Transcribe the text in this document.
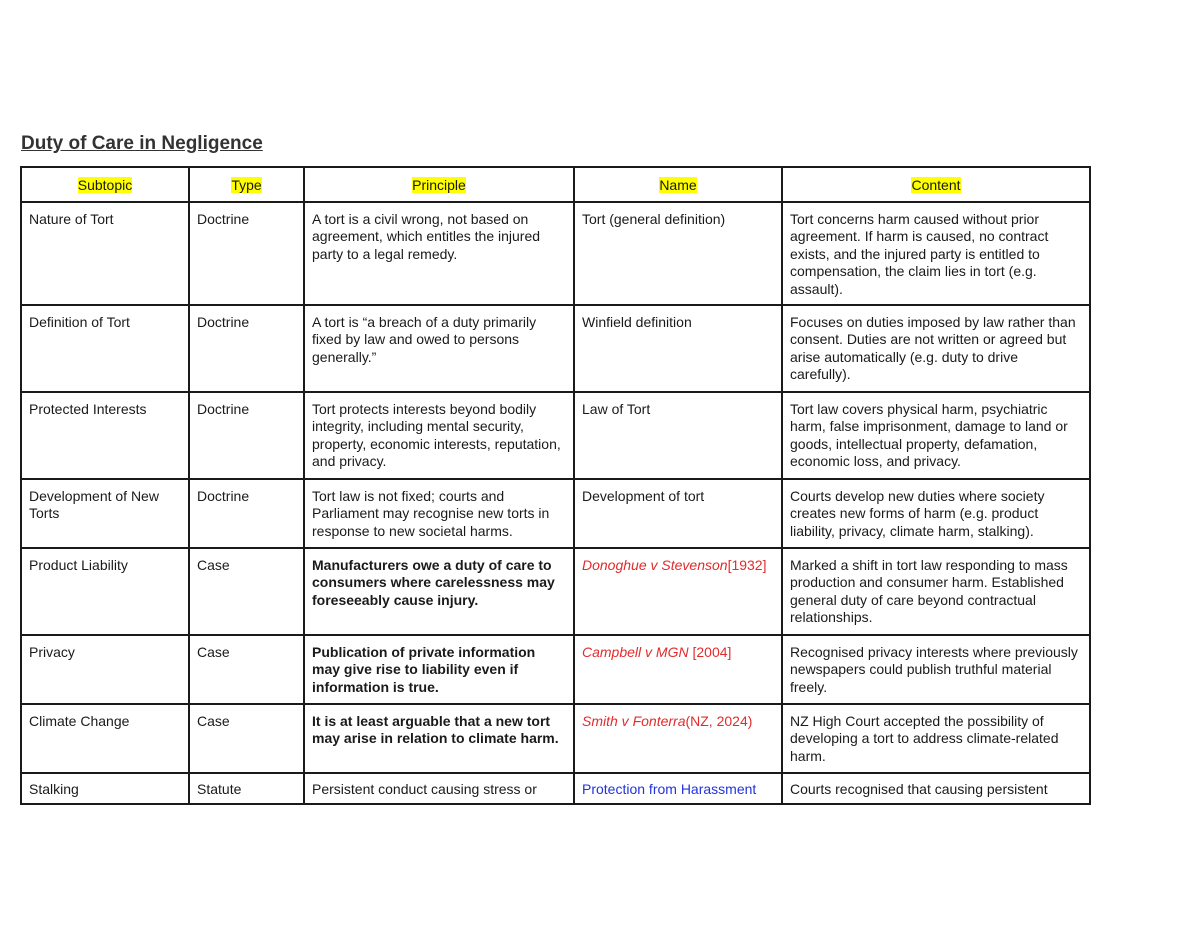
Duty of Care in Negligence
Subtopic	Type	Principle	Name	Content
Nature of Tort	Doctrine	A tort is a civil wrong, not based on agreement, which entitles the injured party to a legal remedy.	Tort (general definition)	Tort concerns harm caused without prior agreement. If harm is caused, no contract exists, and the injured party is entitled to compensation, the claim lies in tort (e.g. assault).
Definition of Tort	Doctrine	A tort is “a breach of a duty primarily fixed by law and owed to persons generally.”	Winfield definition	Focuses on duties imposed by law rather than consent. Duties are not written or agreed but arise automatically (e.g. duty to drive carefully).
Protected Interests	Doctrine	Tort protects interests beyond bodily integrity, including mental security, property, economic interests, reputation, and privacy.	Law of Tort	Tort law covers physical harm, psychiatric harm, false imprisonment, damage to land or goods, intellectual property, defamation, economic loss, and privacy.
Development of New Torts	Doctrine	Tort law is not fixed; courts and Parliament may recognise new torts in response to new societal harms.	Development of tort	Courts develop new duties where society creates new forms of harm (e.g. product liability, privacy, climate harm, stalking).
Product Liability	Case	Manufacturers owe a duty of care to consumers where carelessness may foreseeably cause injury.	Donoghue v Stevenson[1932]	Marked a shift in tort law responding to mass production and consumer harm. Established general duty of care beyond contractual relationships.
Privacy	Case	Publication of private information may give rise to liability even if information is true.	Campbell v MGN [2004]	Recognised privacy interests where previously newspapers could publish truthful material freely.
Climate Change	Case	It is at least arguable that a new tort may arise in relation to climate harm.	Smith v Fonterra(NZ, 2024)	NZ High Court accepted the possibility of developing a tort to address climate-related harm.
Stalking	Statute	Persistent conduct causing stress or	Protection from Harassment	Courts recognised that causing persistent
